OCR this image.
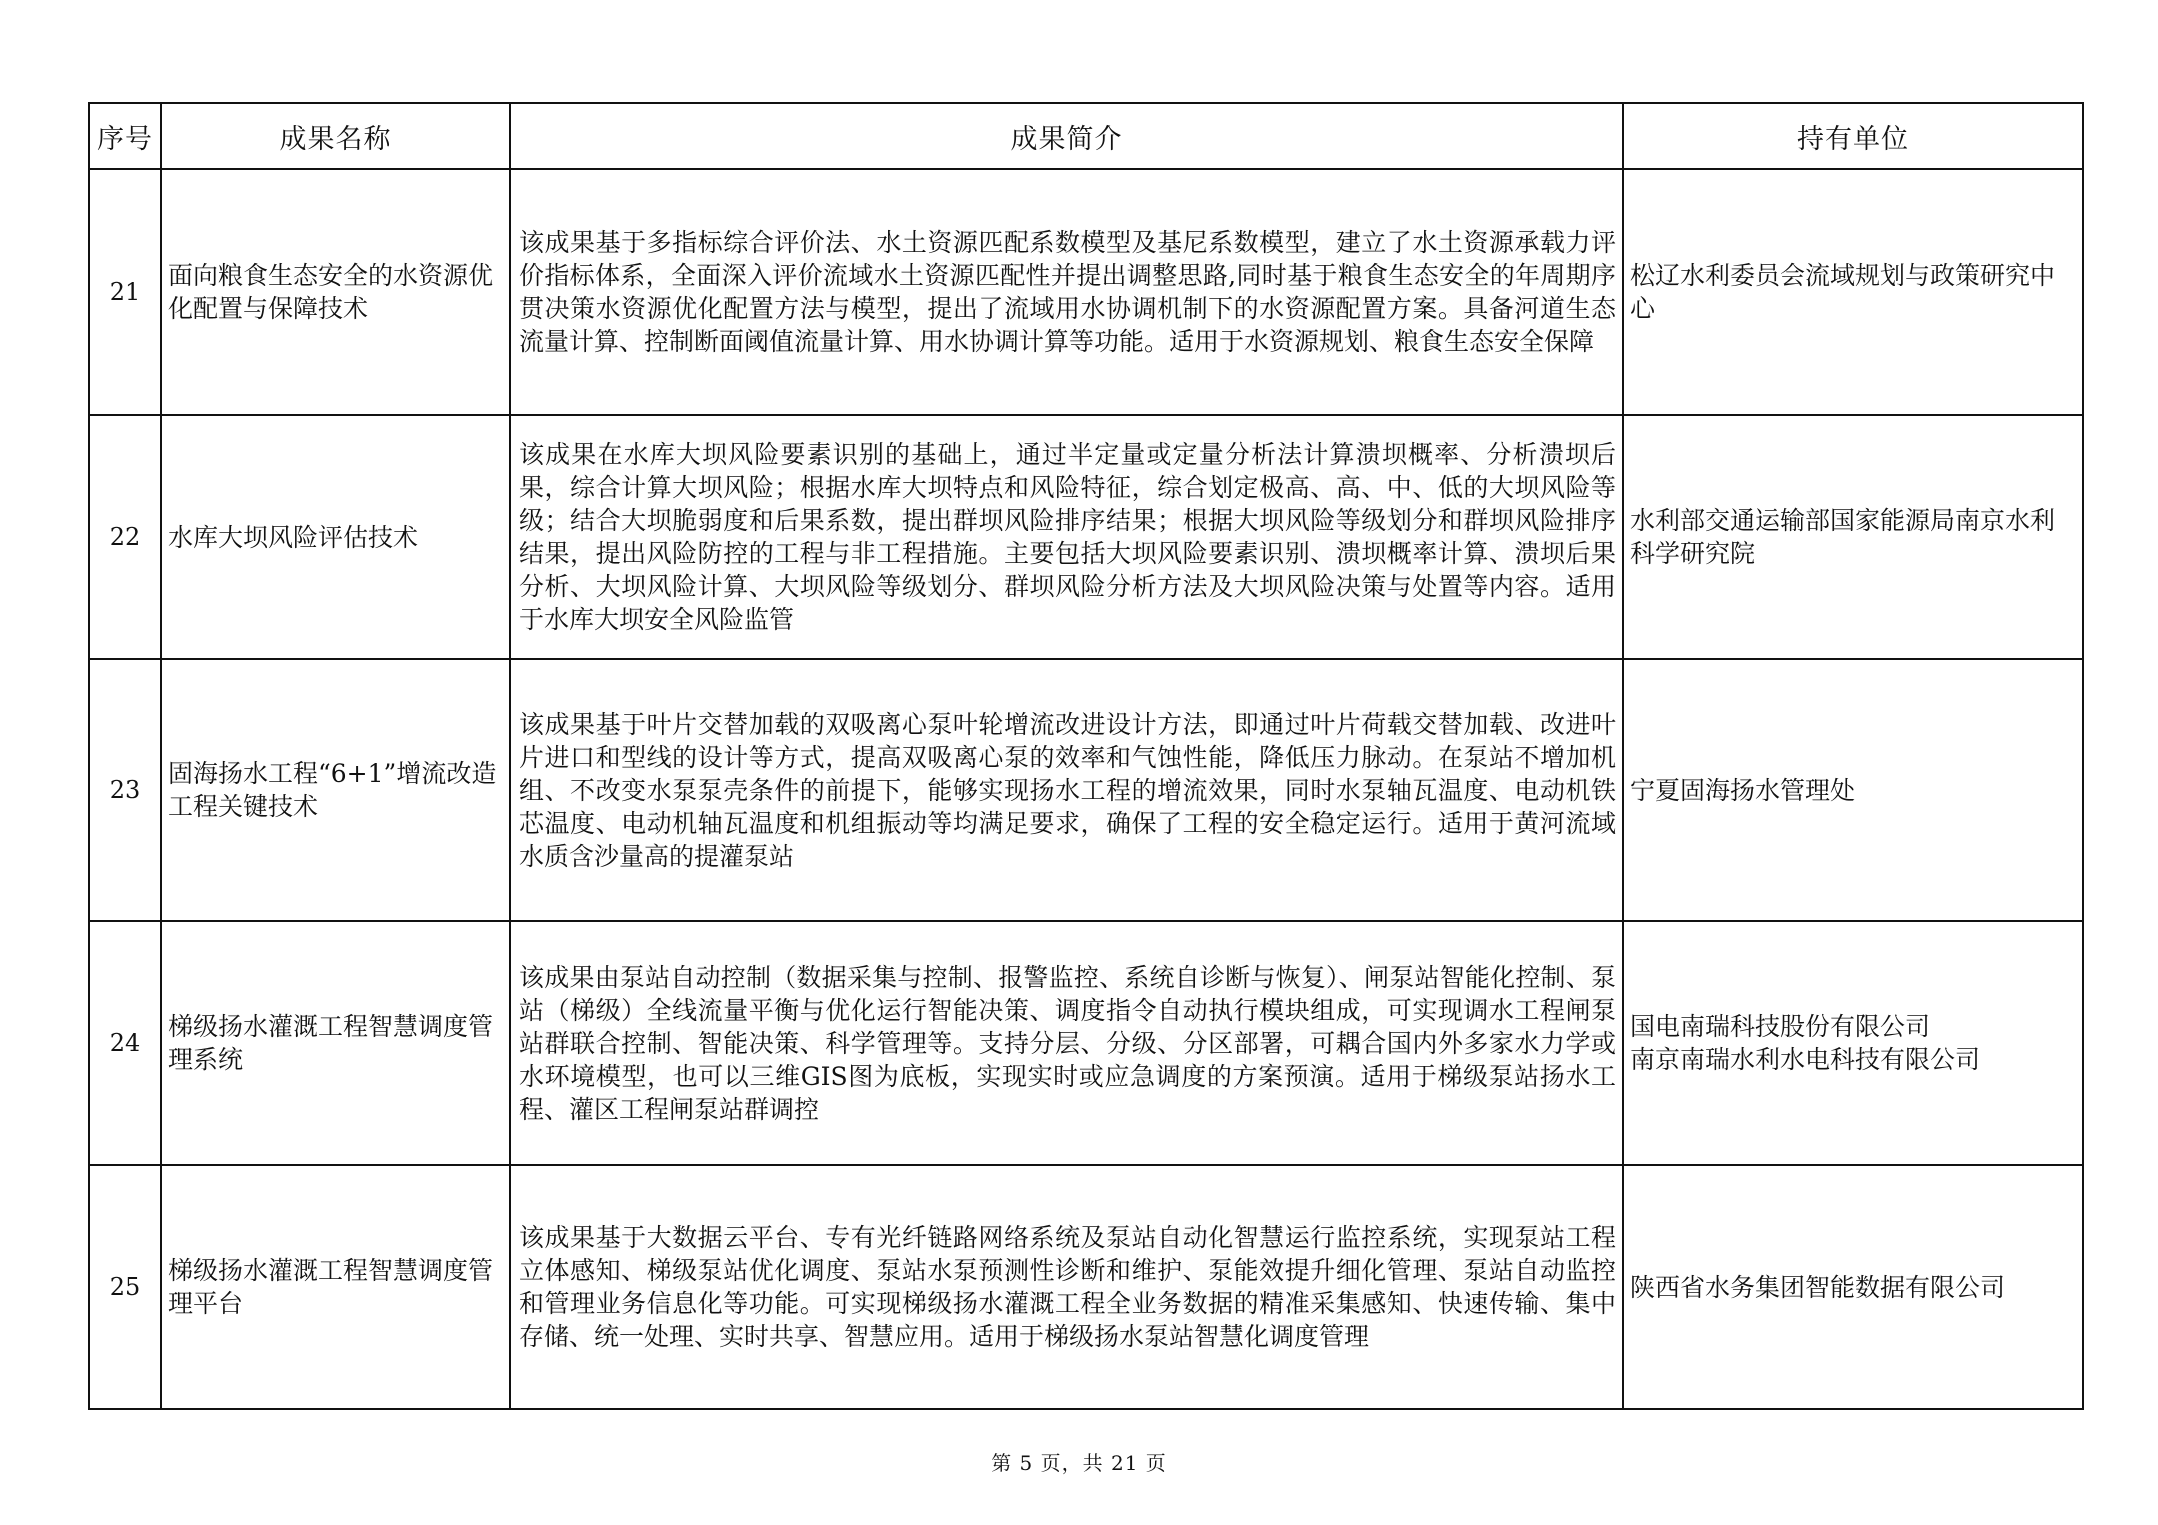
序号	成果名称	成果简介	持有单位
21	面向粮食生态安全的水资源优化配置与保障技术	该成果基于多指标综合评价法、水土资源匹配系数模型及基尼系数模型，建立了水土资源承载力评价指标体系，全面深入评价流域水土资源匹配性并提出调整思路,同时基于粮食生态安全的年周期序贯决策水资源优化配置方法与模型，提出了流域用水协调机制下的水资源配置方案。具备河道生态流量计算、控制断面阈值流量计算、用水协调计算等功能。适用于水资源规划、粮食生态安全保障	松辽水利委员会流域规划与政策研究中心

22	水库大坝风险评估技术	该成果在水库大坝风险要素识别的基础上，通过半定量或定量分析法计算溃坝概率、分析溃坝后果，综合计算大坝风险；根据水库大坝特点和风险特征，综合划定极高、高、中、低的大坝风险等级；结合大坝脆弱度和后果系数，提出群坝风险排序结果；根据大坝风险等级划分和群坝风险排序结果，提出风险防控的工程与非工程措施。主要包括大坝风险要素识别、溃坝概率计算、溃坝后果分析、大坝风险计算、大坝风险等级划分、群坝风险分析方法及大坝风险决策与处置等内容。适用于水库大坝安全风险监管	水利部交通运输部国家能源局南京水利科学研究院

23	固海扬水工程“6+1”增流改造工程关键技术	该成果基于叶片交替加载的双吸离心泵叶轮增流改进设计方法，即通过叶片荷载交替加载、改进叶片进口和型线的设计等方式，提高双吸离心泵的效率和气蚀性能，降低压力脉动。在泵站不增加机组、不改变水泵泵壳条件的前提下，能够实现扬水工程的增流效果，同时水泵轴瓦温度、电动机铁芯温度、电动机轴瓦温度和机组振动等均满足要求，确保了工程的安全稳定运行。适用于黄河流域水质含沙量高的提灌泵站	宁夏固海扬水管理处

24	梯级扬水灌溉工程智慧调度管理系统	该成果由泵站自动控制（数据采集与控制、报警监控、系统自诊断与恢复）、闸泵站智能化控制、泵站（梯级）全线流量平衡与优化运行智能决策、调度指令自动执行模块组成，可实现调水工程闸泵站群联合控制、智能决策、科学管理等。支持分层、分级、分区部署，可耦合国内外多家水力学或水环境模型，也可以三维GIS图为底板，实现实时或应急调度的方案预演。适用于梯级泵站扬水工程、灌区工程闸泵站群调控	国电南瑞科技股份有限公司
南京南瑞水利水电科技有限公司

25	梯级扬水灌溉工程智慧调度管理平台	该成果基于大数据云平台、专有光纤链路网络系统及泵站自动化智慧运行监控系统，实现泵站工程立体感知、梯级泵站优化调度、泵站水泵预测性诊断和维护、泵能效提升细化管理、泵站自动监控和管理业务信息化等功能。可实现梯级扬水灌溉工程全业务数据的精准采集感知、快速传输、集中存储、统一处理、实时共享、智慧应用。适用于梯级扬水泵站智慧化调度管理	陕西省水务集团智能数据有限公司
第 5 页，共 21 页
